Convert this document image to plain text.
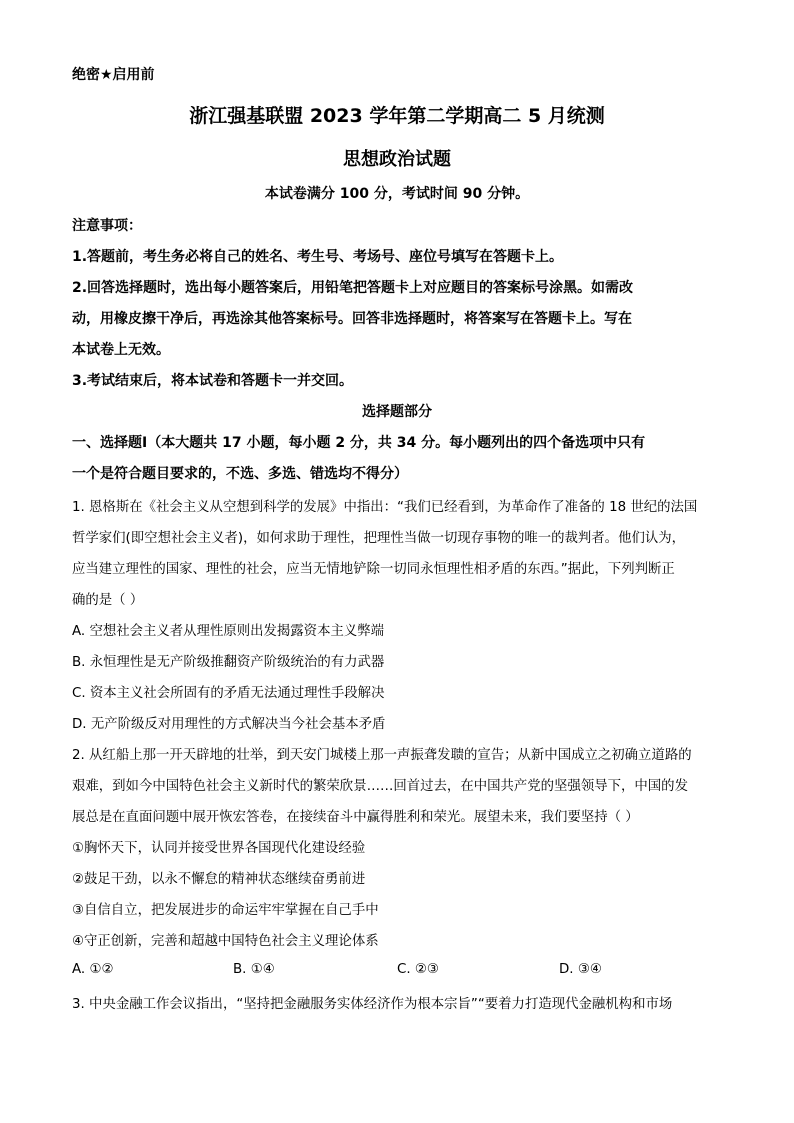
绝密★启用前
浙江强基联盟 2023 学年第二学期高二 5 月统测
思想政治试题
本试卷满分 100 分，考试时间 90 分钟。
注意事项：
1.答题前，考生务必将自己的姓名、考生号、考场号、座位号填写在答题卡上。
2.回答选择题时，选出每小题答案后，用铅笔把答题卡上对应题目的答案标号涂黑。如需改
动，用橡皮擦干净后，再选涂其他答案标号。回答非选择题时，将答案写在答题卡上。写在
本试卷上无效。
3.考试结束后，将本试卷和答题卡一并交回。
选择题部分
一、选择题Ⅰ（本大题共 17 小题，每小题 2 分，共 34 分。每小题列出的四个备选项中只有
一个是符合题目要求的，不选、多选、错选均不得分）
1. 恩格斯在《社会主义从空想到科学的发展》中指出：“我们已经看到，为革命作了准备的 18 世纪的法国
哲学家们(即空想社会主义者)，如何求助于理性，把理性当做一切现存事物的唯一的裁判者。他们认为，
应当建立理性的国家、理性的社会，应当无情地铲除一切同永恒理性相矛盾的东西。”据此，下列判断正
确的是（ ）
A. 空想社会主义者从理性原则出发揭露资本主义弊端
B. 永恒理性是无产阶级推翻资产阶级统治的有力武器
C. 资本主义社会所固有的矛盾无法通过理性手段解决
D. 无产阶级反对用理性的方式解决当今社会基本矛盾
2. 从红船上那一开天辟地的壮举，到天安门城楼上那一声振聋发聩的宣告；从新中国成立之初确立道路的
艰难，到如今中国特色社会主义新时代的繁荣欣景……回首过去，在中国共产党的坚强领导下，中国的发
展总是在直面问题中展开恢宏答卷，在接续奋斗中赢得胜利和荣光。展望未来，我们要坚持（ ）
①胸怀天下，认同并接受世界各国现代化建设经验
②鼓足干劲，以永不懈怠的精神状态继续奋勇前进
③自信自立，把发展进步的命运牢牢掌握在自己手中
④守正创新，完善和超越中国特色社会主义理论体系
A. ①②	B. ①④	C. ②③	D. ③④
3. 中央金融工作会议指出，“坚持把金融服务实体经济作为根本宗旨”“要着力打造现代金融机构和市场
